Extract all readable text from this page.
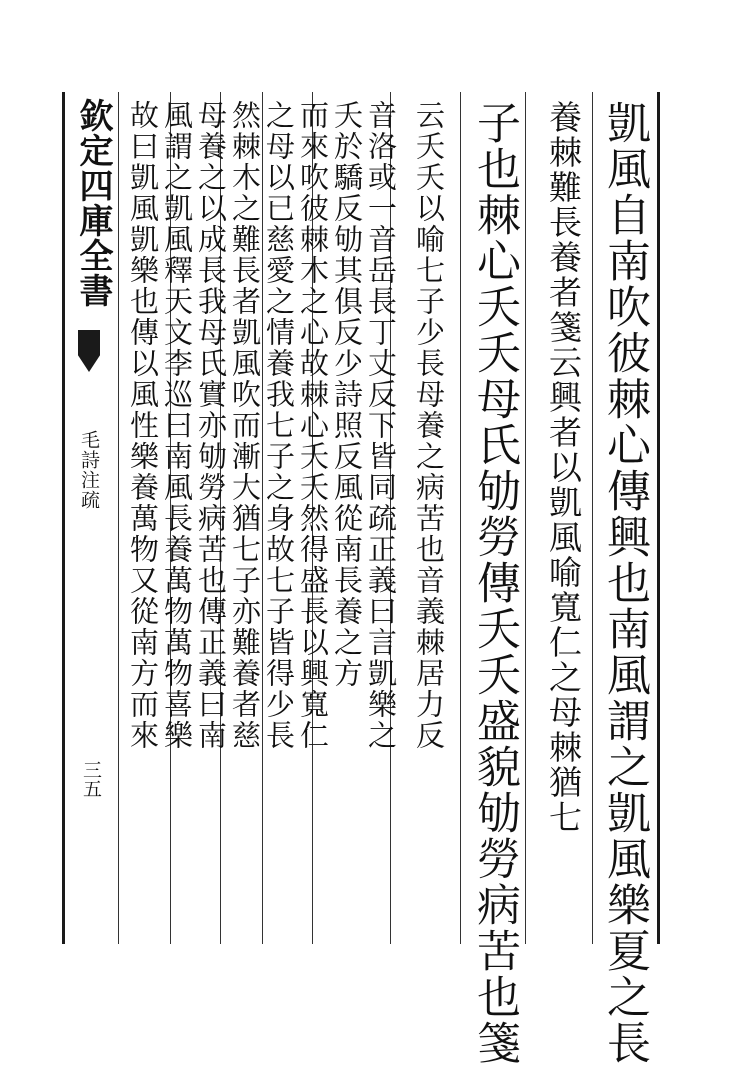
欽定四庫全書
毛詩注疏
三五	凱風自南吹彼棘心傳興也南風謂之凱風樂夏之長
養棘難長養者箋云興者以凱風喻寬仁之母棘猶七
子也棘心夭夭母氏劬勞傳夭夭盛貌劬勞病苦也箋
云夭夭以喻七子少長母養之病苦也音義棘居力反
音洛或一音岳長丁丈反下皆同疏正義曰言凱樂之
夭於驕反劬其俱反少詩照反風從南長養之方
而來吹彼棘木之心故棘心夭夭然得盛長以興寬仁
之母以已慈愛之情養我七子之身故七子皆得少長
然棘木之難長者凱風吹而漸大猶七子亦難養者慈
母養之以成長我母氏實亦劬勞病苦也傳正義曰南
風謂之凱風釋天文李巡曰南風長養萬物萬物喜樂
故曰凱風凱樂也傳以風性樂養萬物又從南方而來
